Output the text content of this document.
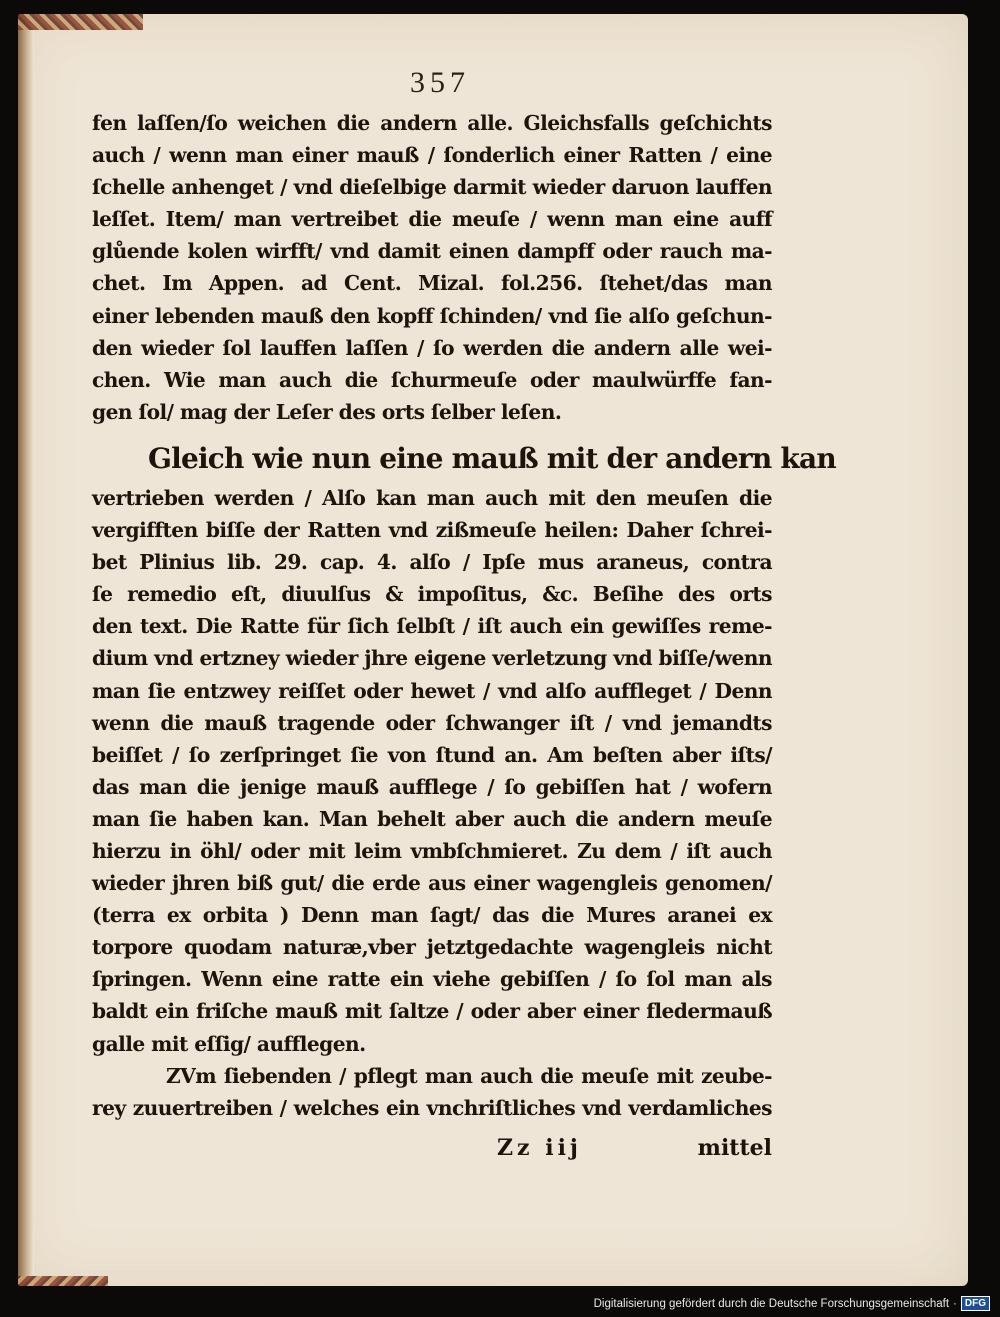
357
fen laſſen/ſo weichen die andern alle. Gleichsfalls geſchichts
auch / wenn man einer mauß / ſonderlich einer Ratten / eine
ſchelle anhenget / vnd dieſelbige darmit wieder daruon lauffen
leſſet. Item/ man vertreibet die meuſe / wenn man eine auff
glůende kolen wirfft/ vnd damit einen dampff oder rauch ma-
chet. Im Appen. ad Cent. Mizal. fol.256. ſtehet/das man
einer lebenden mauß den kopff ſchinden/ vnd ſie alſo geſchun-
den wieder ſol lauffen laſſen / ſo werden die andern alle wei-
chen. Wie man auch die ſchurmeuſe oder maulwürffe fan-
gen ſol/ mag der Leſer des orts ſelber leſen.
Gleich wie nun eine mauß mit der andern kan
vertrieben werden / Alſo kan man auch mit den meuſen die
vergifften biſſe der Ratten vnd zißmeuſe heilen: Daher ſchrei-
bet Plinius lib. 29. cap. 4. alſo / Ipſe mus araneus, contra
ſe remedio eſt, diuulſus & impoſitus, &c. Beſihe des orts
den text. Die Ratte für ſich ſelbſt / iſt auch ein gewiſſes reme-
dium vnd ertzney wieder jhre eigene verletzung vnd biſſe/wenn
man ſie entzwey reiſſet oder hewet / vnd alſo auffleget / Denn
wenn die mauß tragende oder ſchwanger iſt / vnd jemandts
beiſſet / ſo zerſpringet ſie von ſtund an. Am beſten aber iſts/
das man die jenige mauß aufflege / ſo gebiſſen hat / wofern
man ſie haben kan. Man behelt aber auch die andern meuſe
hierzu in öhl/ oder mit leim vmbſchmieret. Zu dem / iſt auch
wieder jhren biß gut/ die erde aus einer wagengleis genomen/
(terra ex orbita ) Denn man ſagt/ das die Mures aranei ex
torpore quodam naturæ,vber jetztgedachte wagengleis nicht
ſpringen. Wenn eine ratte ein viehe gebiſſen / ſo ſol man als
baldt ein friſche mauß mit ſaltze / oder aber einer fledermauß
galle mit eſſig/ aufflegen.
ZVm ſiebenden / pflegt man auch die meuſe mit zeube-
rey zuuertreiben / welches ein vnchriſtliches vnd verdamliches
Zz iij	mittel
Digitalisierung gefördert durch die Deutsche Forschungsgemeinschaft · DFG
